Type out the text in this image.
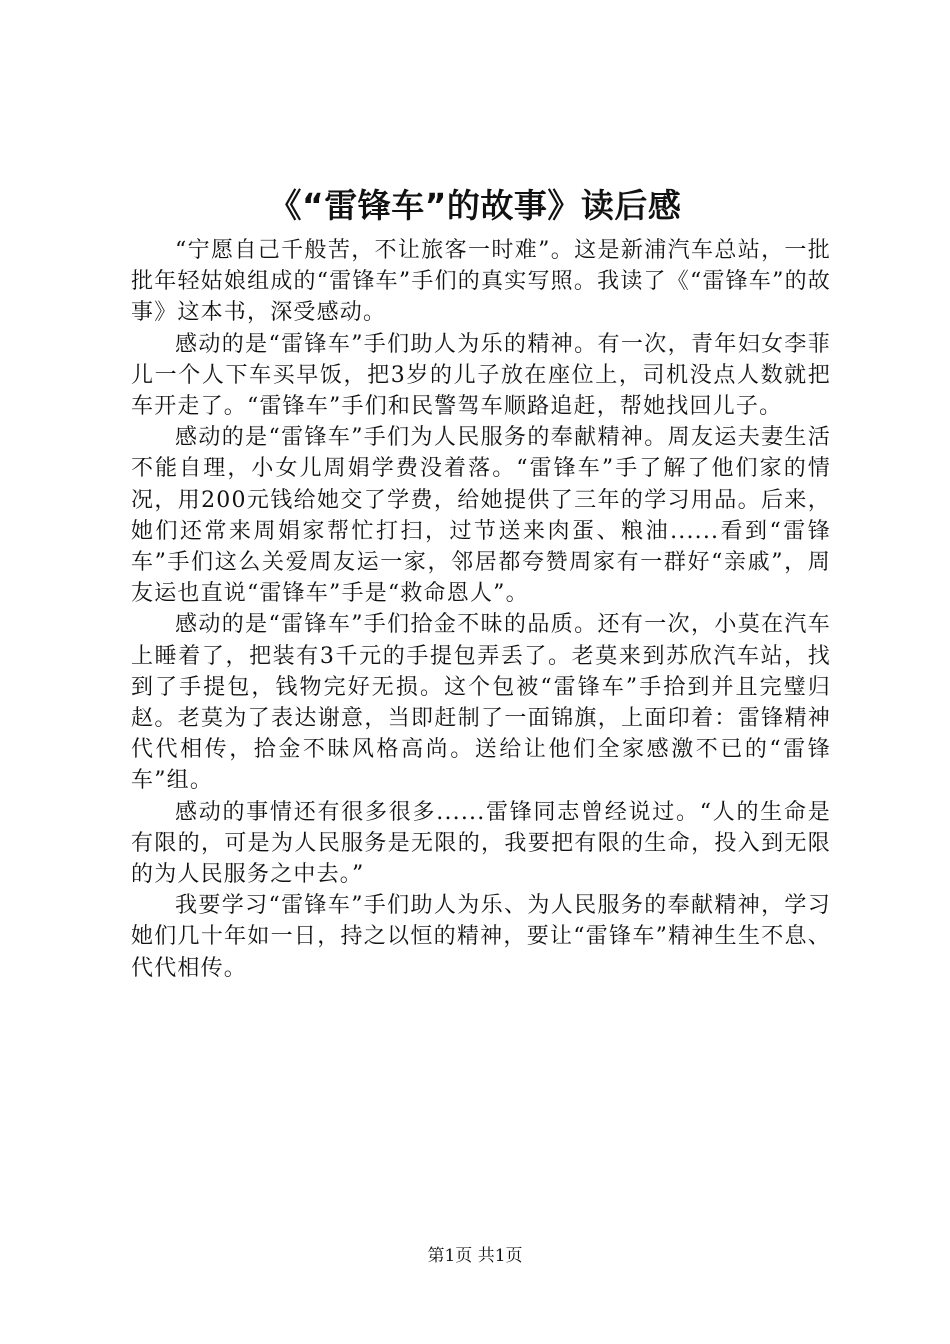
《“雷锋车”的故事》读后感

“宁愿自己千般苦，不让旅客一时难”。这是新浦汽车总站，一批批年轻姑娘组成的“雷锋车”手们的真实写照。我读了《“雷锋车”的故事》这本书，深受感动。

感动的是“雷锋车”手们助人为乐的精神。有一次，青年妇女李菲儿一个人下车买早饭，把3岁的儿子放在座位上，司机没点人数就把车开走了。“雷锋车”手们和民警驾车顺路追赶，帮她找回儿子。

感动的是“雷锋车”手们为人民服务的奉献精神。周友运夫妻生活不能自理，小女儿周娟学费没着落。“雷锋车”手了解了他们家的情况，用200元钱给她交了学费，给她提供了三年的学习用品。后来，她们还常来周娟家帮忙打扫，过节送来肉蛋、粮油......看到“雷锋车”手们这么关爱周友运一家，邻居都夸赞周家有一群好“亲戚”，周友运也直说“雷锋车”手是“救命恩人”。

感动的是“雷锋车”手们拾金不昧的品质。还有一次，小莫在汽车上睡着了，把装有3千元的手提包弄丢了。老莫来到苏欣汽车站，找到了手提包，钱物完好无损。这个包被“雷锋车”手拾到并且完璧归赵。老莫为了表达谢意，当即赶制了一面锦旗，上面印着：雷锋精神代代相传，拾金不昧风格高尚。送给让他们全家感激不已的“雷锋车”组。

感动的事情还有很多很多......雷锋同志曾经说过。“人的生命是有限的，可是为人民服务是无限的，我要把有限的生命，投入到无限的为人民服务之中去。”

我要学习“雷锋车”手们助人为乐、为人民服务的奉献精神，学习她们几十年如一日，持之以恒的精神，要让“雷锋车”精神生生不息、代代相传。

第1页 共1页
